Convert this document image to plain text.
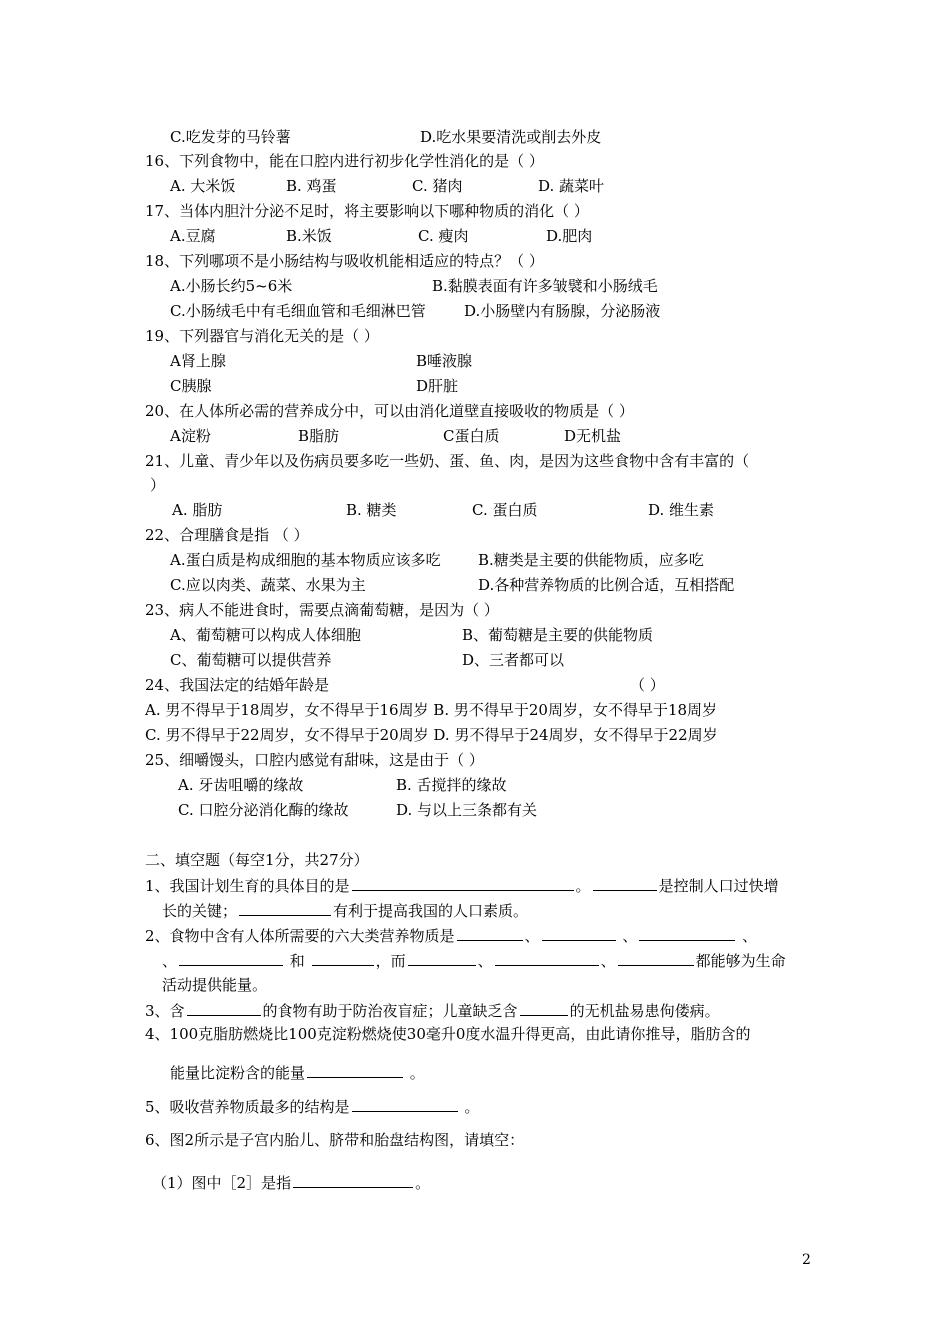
C.吃发芽的马铃薯	D.吃水果要清洗或削去外皮
16、下列食物中，能在口腔内进行初步化学性消化的是（ ）
A. 大米饭	B. 鸡蛋	C. 猪肉	D. 蔬菜叶
17、当体内胆汁分泌不足时，将主要影响以下哪种物质的消化（ ）
A.豆腐	B.米饭	C. 瘦肉	D.肥肉
18、下列哪项不是小肠结构与吸收机能相适应的特点？（ ）
A.小肠长约5~6米	B.黏膜表面有许多皱襞和小肠绒毛
C.小肠绒毛中有毛细血管和毛细淋巴管	D.小肠壁内有肠腺，分泌肠液
19、下列器官与消化无关的是（ ）
A肾上腺	B唾液腺
C胰腺	D肝脏
20、在人体所必需的营养成分中，可以由消化道壁直接吸收的物质是（ ）
A淀粉	B脂肪	C蛋白质	D无机盐
21、儿童、青少年以及伤病员要多吃一些奶、蛋、鱼、肉，是因为这些食物中含有丰富的（
）
A. 脂肪	B. 糖类	C. 蛋白质	D. 维生素
22、合理膳食是指 （ ）
A.蛋白质是构成细胞的基本物质应该多吃 B.糖类是主要的供能物质，应多吃
C.应以肉类、蔬菜、水果为主	D.各种营养物质的比例合适，互相搭配
23、病人不能进食时，需要点滴葡萄糖，是因为（ ）
A、葡萄糖可以构成人体细胞	B、葡萄糖是主要的供能物质
C、葡萄糖可以提供营养	D、三者都可以
24、我国法定的结婚年龄是	（ ）
A. 男不得早于18周岁，女不得早于16周岁 B. 男不得早于20周岁，女不得早于18周岁
C. 男不得早于22周岁，女不得早于20周岁 D. 男不得早于24周岁，女不得早于22周岁
25、细嚼馒头，口腔内感觉有甜味，这是由于（ ）
A. 牙齿咀嚼的缘故	B. 舌搅拌的缘故
C. 口腔分泌消化酶的缘故	D. 与以上三条都有关
二、填空题（每空1分，共27分）
1、我国计划生育的具体目的是	。	是控制人口过快增
长的关键；	有利于提高我国的人口素质。
2、食物中含有人体所需要的六大类营养物质是	、	、	、
、	和	，而	、	、	都能够为生命
活动提供能量。
3、含	的食物有助于防治夜盲症；儿童缺乏含	的无机盐易患佝偻病。
4、100克脂肪燃烧比100克淀粉燃烧使30毫升0度水温升得更高，由此请你推导，脂肪含的
能量比淀粉含的能量	。
5、吸收营养物质最多的结构是	。
6、图2所示是子宫内胎儿、脐带和胎盘结构图，请填空：
（1）图中［2］是指	。
2
